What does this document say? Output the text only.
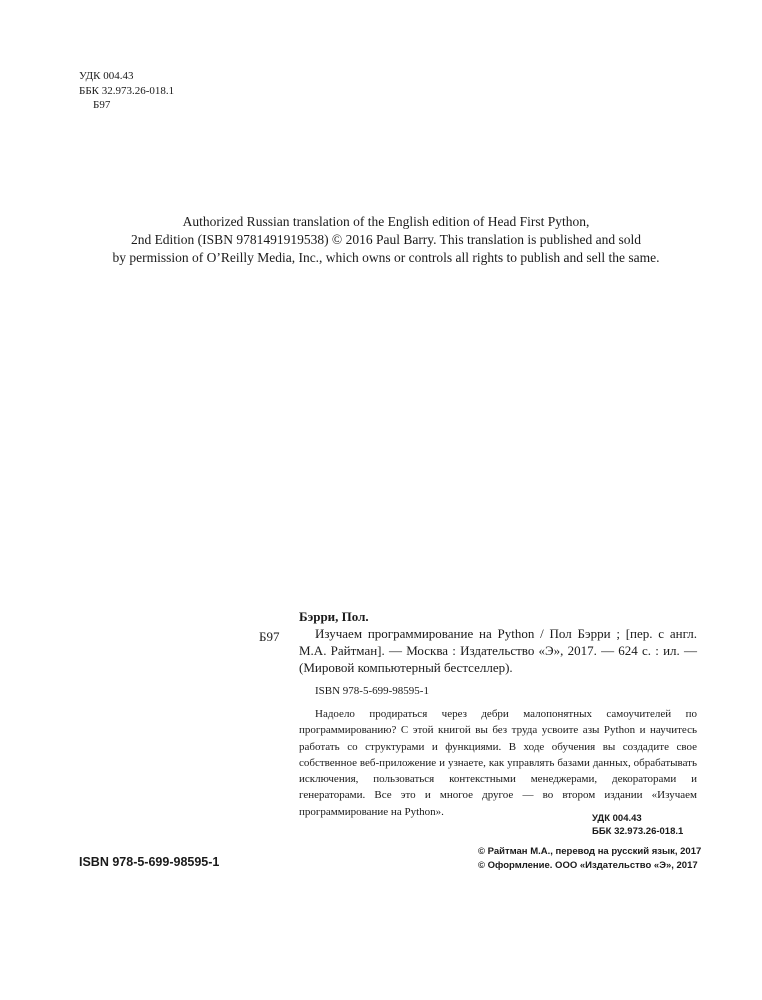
УДК 004.43
ББК 32.973.26-018.1
Б97
Authorized Russian translation of the English edition of Head First Python,
2nd Edition (ISBN 9781491919538) © 2016 Paul Barry. This translation is published and sold
by permission of O’Reilly Media, Inc., which owns or controls all rights to publish and sell the same.
Б97
Бэрри, Пол.
Изучаем программирование на Python / Пол Бэрри ; [пер. с англ. М.А. Райтман]. — Москва : Издательство «Э», 2017. — 624 с. : ил. — (Мировой компьютерный бестселлер).
ISBN 978-5-699-98595-1
Надоело продираться через дебри малопонятных самоучителей по программированию? С этой книгой вы без труда усвоите азы Python и научитесь работать со структурами и функциями. В ходе обучения вы создадите свое собственное веб-приложение и узнаете, как управлять базами данных, обрабатывать исключения, пользоваться контекстными менеджерами, декораторами и генераторами. Все это и многое другое — во втором издании «Изучаем программирование на Python».
УДК 004.43
ББК 32.973.26-018.1
ISBN 978-5-699-98595-1
© Райтман М.А., перевод на русский язык, 2017
© Оформление. ООО «Издательство «Э», 2017
